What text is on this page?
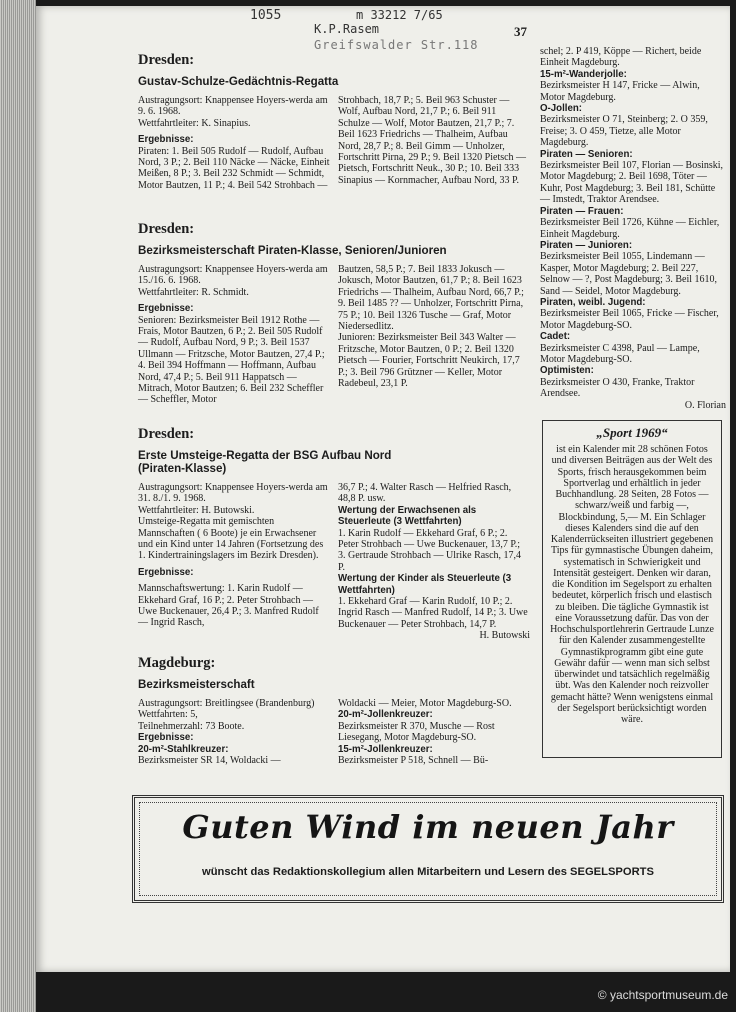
1055	m 33212 7/65
K.P.Rasem
Greifswalder Str.118
37
Dresden:
Gustav-Schulze-Gedächtnis-Regatta

Austragungsort: Knappensee Hoyers-werda am 9. 6. 1968.

Wettfahrtleiter: K. Sinapius.

Ergebnisse:

Piraten: 1. Beil 505 Rudolf — Rudolf, Aufbau Nord, 3 P.; 2. Beil 110 Näcke — Näcke, Einheit Meißen, 8 P.; 3. Beil 232 Schmidt — Schmidt, Motor Bautzen, 11 P.; 4. Beil 542 Strohbach —

Strohbach, 18,7 P.; 5. Beil 963 Schuster — Wolf, Aufbau Nord, 21,7 P.; 6. Beil 911 Schulze — Wolf, Motor Bautzen, 21,7 P.; 7. Beil 1623 Friedrichs — Thalheim, Aufbau Nord, 28,7 P.; 8. Beil Gimm — Unholzer, Fortschritt Pirna, 29 P.; 9. Beil 1320 Pietsch — Pietsch, Fortschritt Neuk., 30 P.; 10. Beil 333 Sinapius — Kornmacher, Aufbau Nord, 33 P.
Dresden:
Bezirksmeisterschaft Piraten-Klasse, Senioren/Junioren

Austragungsort: Knappensee Hoyers-werda am 15./16. 6. 1968.

Wettfahrtleiter: R. Schmidt.

Ergebnisse:

Senioren: Bezirksmeister Beil 1912 Rothe — Frais, Motor Bautzen, 6 P.; 2. Beil 505 Rudolf — Rudolf, Aufbau Nord, 9 P.; 3. Beil 1537 Ullmann — Fritzsche, Motor Bautzen, 27,4 P.; 4. Beil 394 Hoffmann — Hoffmann, Aufbau Nord, 47,4 P.; 5. Beil 911 Happatsch — Mitrach, Motor Bautzen; 6. Beil 232 Scheffler — Scheffler, Motor

Bautzen, 58,5 P.; 7. Beil 1833 Jokusch — Jokusch, Motor Bautzen, 61,7 P.; 8. Beil 1623 Friedrichs — Thalheim, Aufbau Nord, 66,7 P.; 9. Beil 1485 ?? — Unholzer, Fortschritt Pirna, 75 P.; 10. Beil 1326 Tusche — Graf, Motor Niedersedlitz.

Junioren: Bezirksmeister Beil 343 Walter — Fritzsche, Motor Bautzen, 0 P.; 2. Beil 1320 Pietsch — Fourier, Fortschritt Neukirch, 17,7 P.; 3. Beil 796 Grützner — Keller, Motor Radebeul, 23,1 P.

Dresden:
Erste Umsteige-Regatta der BSG Aufbau Nord (Piraten-Klasse)

Austragungsort: Knappensee Hoyers-werda am 31. 8./1. 9. 1968.

Wettfahrtleiter: H. Butowski.

Umsteige-Regatta mit gemischten Mannschaften ( 6 Boote) je ein Erwachsener und ein Kind unter 14 Jahren (Fortsetzung des 1. Kindertrainingslagers im Bezirk Dresden).

Ergebnisse:

Mannschaftswertung: 1. Karin Rudolf — Ekkehard Graf, 16 P.; 2. Peter Strohbach — Uwe Buckenauer, 26,4 P.; 3. Manfred Rudolf — Ingrid Rasch,

36,7 P.; 4. Walter Rasch — Helfried Rasch, 48,8 P. usw.

Wertung der Erwachsenen als Steuerleute (3 Wettfahrten)

1. Karin Rudolf — Ekkehard Graf, 6 P.; 2. Peter Strohbach — Uwe Buckenauer, 13,7 P.; 3. Gertraude Strohbach — Ulrike Rasch, 17,4 P.

Wertung der Kinder als Steuerleute (3 Wettfahrten)

1. Ekkehard Graf — Karin Rudolf, 10 P.; 2. Ingrid Rasch — Manfred Rudolf, 14 P.; 3. Uwe Buckenauer — Peter Strohbach, 14,7 P.

H. Butowski

Magdeburg:
Bezirksmeisterschaft

Austragungsort: Breitlingsee (Brandenburg)

Wettfahrten: 5,

Teilnehmerzahl: 73 Boote.

Ergebnisse:

20-m²-Stahlkreuzer:

Bezirksmeister SR 14, Woldacki —

Woldacki — Meier, Motor Magdeburg-SO.

20-m²-Jollenkreuzer:

Bezirksmeister R 370, Musche — Rost Liesegang, Motor Magdeburg-SO.

15-m²-Jollenkreuzer:

Bezirksmeister P 518, Schnell — Bü-

schel; 2. P 419, Köppe — Richert, beide Einheit Magdeburg.

15-m²-Wanderjolle:

Bezirksmeister H 147, Fricke — Alwin, Motor Magdeburg.

O-Jollen:

Bezirksmeister O 71, Steinberg; 2. O 359, Freise; 3. O 459, Tietze, alle Motor Magdeburg.

Piraten — Senioren:

Bezirksmeister Beil 107, Florian — Bosinski, Motor Magdeburg; 2. Beil 1698, Töter — Kuhr, Post Magdeburg; 3. Beil 181, Schütte — Imstedt, Traktor Arendsee.

Piraten — Frauen:

Bezirksmeister Beil 1726, Kühne — Eichler, Einheit Magdeburg.

Piraten — Junioren:

Bezirksmeister Beil 1055, Lindemann — Kasper, Motor Magdeburg; 2. Beil 227, Selnow — ?, Post Magdeburg; 3. Beil 1610, Sand — Seidel, Motor Magdeburg.

Piraten, weibl. Jugend:

Bezirksmeister Beil 1065, Fricke — Fischer, Motor Magdeburg-SO.

Cadet:

Bezirksmeister C 4398, Paul — Lampe, Motor Magdeburg-SO.

Optimisten:

Bezirksmeister O 430, Franke, Traktor Arendsee.

O. Florian

„Sport 1969“
ist ein Kalender mit 28 schönen Fotos und diversen Beiträgen aus der Welt des Sports, frisch herausgekommen beim Sportverlag und erhältlich in jeder Buchhandlung. 28 Seiten, 28 Fotos — schwarz/weiß und farbig —, Blockbindung, 5,— M. Ein Schlager dieses Kalenders sind die auf den Kalenderrückseiten illustriert gegebenen Tips für gymnastische Übungen daheim, systematisch in Schwierigkeit und Intensität gesteigert. Denken wir daran, die Kondition im Segelsport zu erhalten bedeutet, körperlich frisch und elastisch zu bleiben. Die tägliche Gymnastik ist eine Voraussetzung dafür. Das von der Hochschulsportlehrerin Gertraude Lunze für den Kalender zusammengestellte Gymnastikprogramm gibt eine gute Gewähr dafür — wenn man sich selbst überwindet und tatsächlich regelmäßig übt. Was den Kalender noch reizvoller gemacht hätte? Wenn wenigstens einmal der Segelsport berücksichtigt worden wäre.
Guten Wind im neuen Jahr
wünscht das Redaktionskollegium allen Mitarbeitern und Lesern des SEGELSPORTS
© yachtsportmuseum.de
